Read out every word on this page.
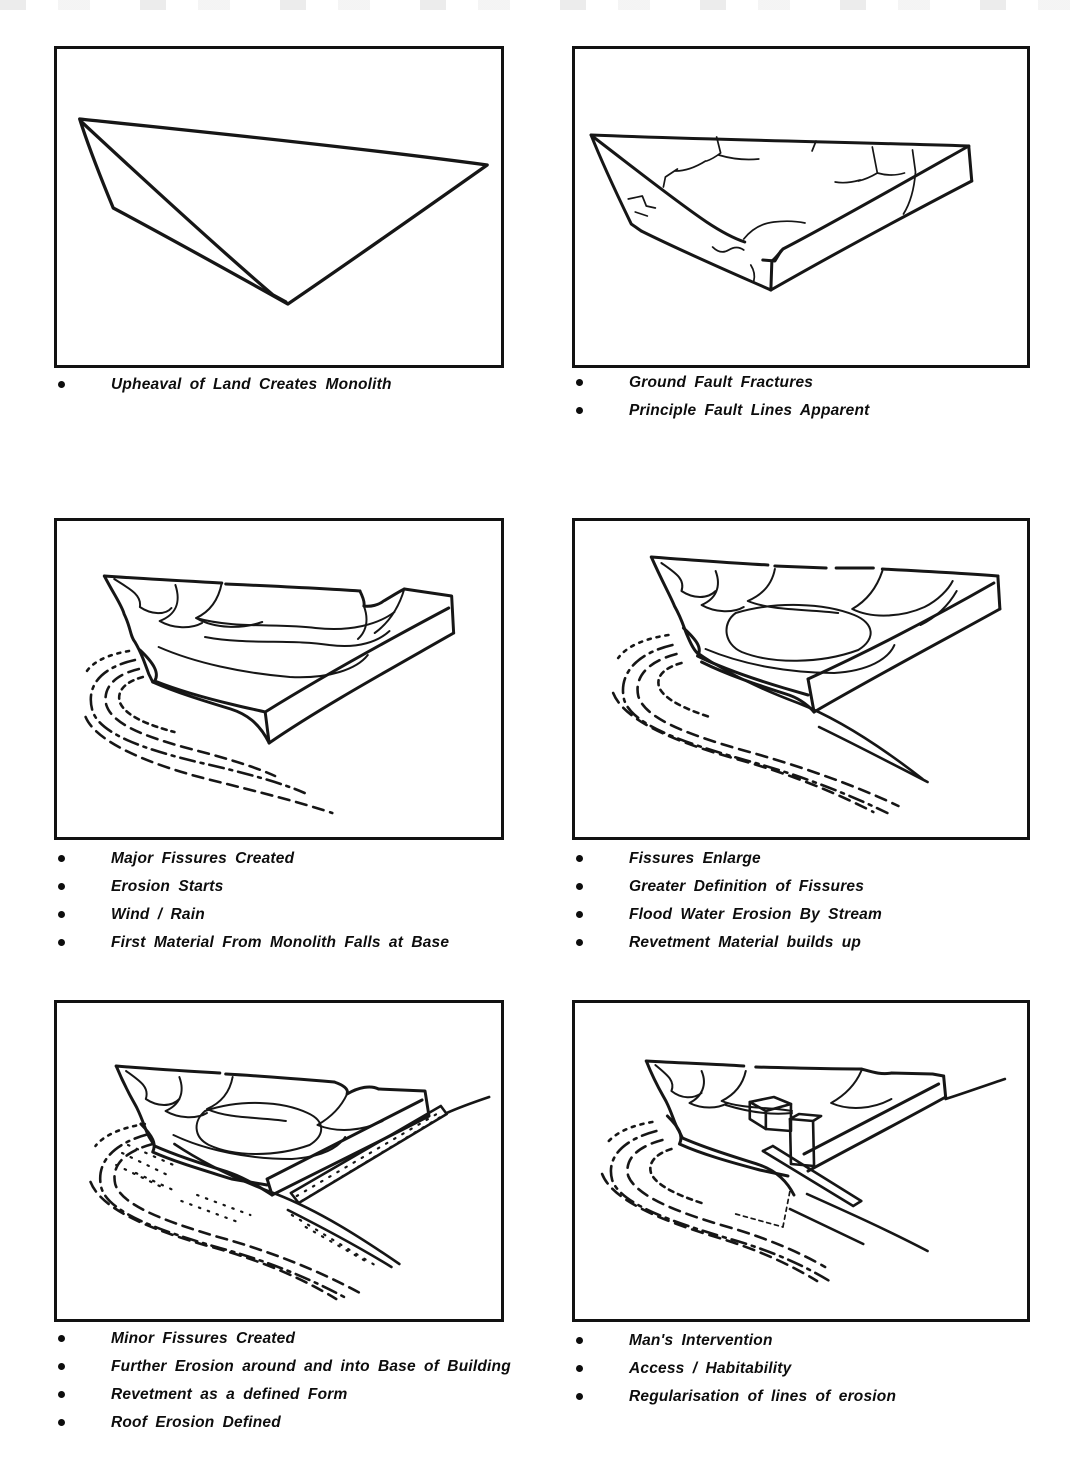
Upheaval of Land Creates Monolith	Ground Fault Fractures
Principle Fault Lines Apparent
Major Fissures Created
Erosion Starts
Wind / Rain
First Material From Monolith Falls at Base
Fissures Enlarge
Greater Definition of Fissures
Flood Water Erosion By Stream
Revetment Material builds up
Minor Fissures Created
Further Erosion around and into Base of Building
Revetment as a defined Form
Roof Erosion Defined
Man's Intervention
Access / Habitability
Regularisation of lines of erosion
